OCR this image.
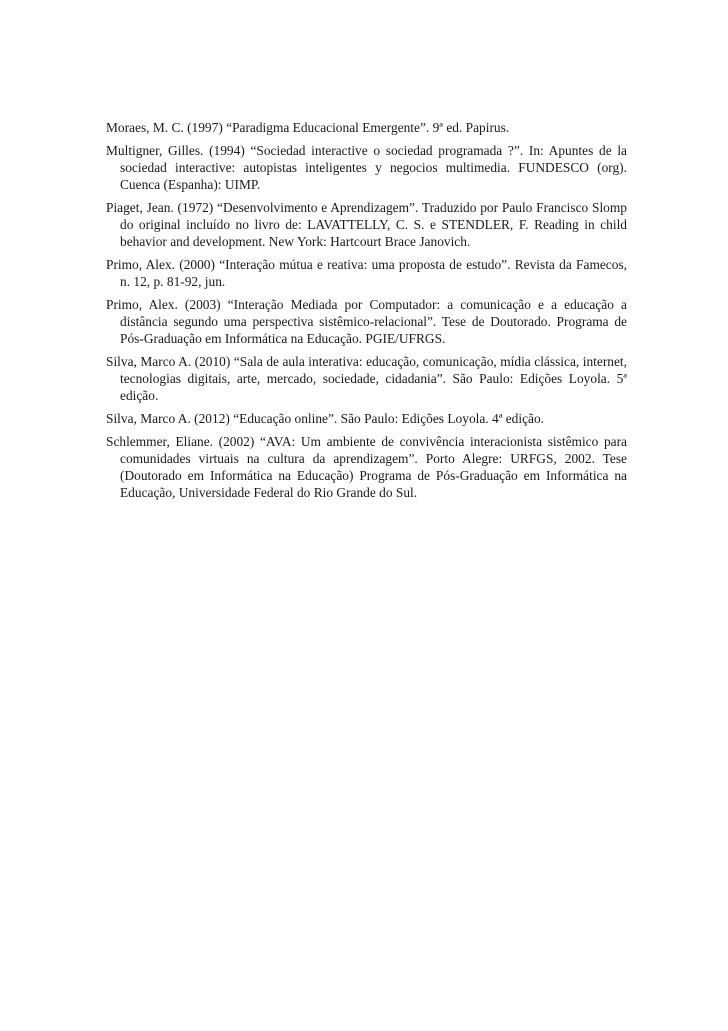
Moraes, M. C. (1997) “Paradigma Educacional Emergente”. 9ª ed. Papirus.

Multigner, Gilles. (1994) “Sociedad interactive o sociedad programada ?”. In: Apuntes de la sociedad interactive: autopistas inteligentes y negocios multimedia. FUNDESCO (org). Cuenca (Espanha): UIMP.

Piaget, Jean. (1972) “Desenvolvimento e Aprendizagem”. Traduzido por Paulo Francisco Slomp do original incluído no livro de: LAVATTELLY, C. S. e STENDLER, F. Reading in child behavior and development. New York: Hartcourt Brace Janovich.

Primo, Alex. (2000) “Interação mútua e reativa: uma proposta de estudo”. Revista da Famecos, n. 12, p. 81-92, jun.

Primo, Alex. (2003) “Interação Mediada por Computador: a comunicação e a educação a distância segundo uma perspectiva sistêmico-relacional”. Tese de Doutorado. Programa de Pós-Graduação em Informática na Educação. PGIE/UFRGS.

Silva, Marco A. (2010) “Sala de aula interativa: educação, comunicação, mídia clássica, internet, tecnologias digitais, arte, mercado, sociedade, cidadania”. São Paulo: Edições Loyola. 5ª edição.

Silva, Marco A. (2012) “Educação online”. São Paulo: Edições Loyola. 4ª edição.

Schlemmer, Eliane. (2002) “AVA: Um ambiente de convivência interacionista sistêmico para comunidades virtuais na cultura da aprendizagem”. Porto Alegre: URFGS, 2002. Tese (Doutorado em Informática na Educação) Programa de Pós-Graduação em Informática na Educação, Universidade Federal do Rio Grande do Sul.
